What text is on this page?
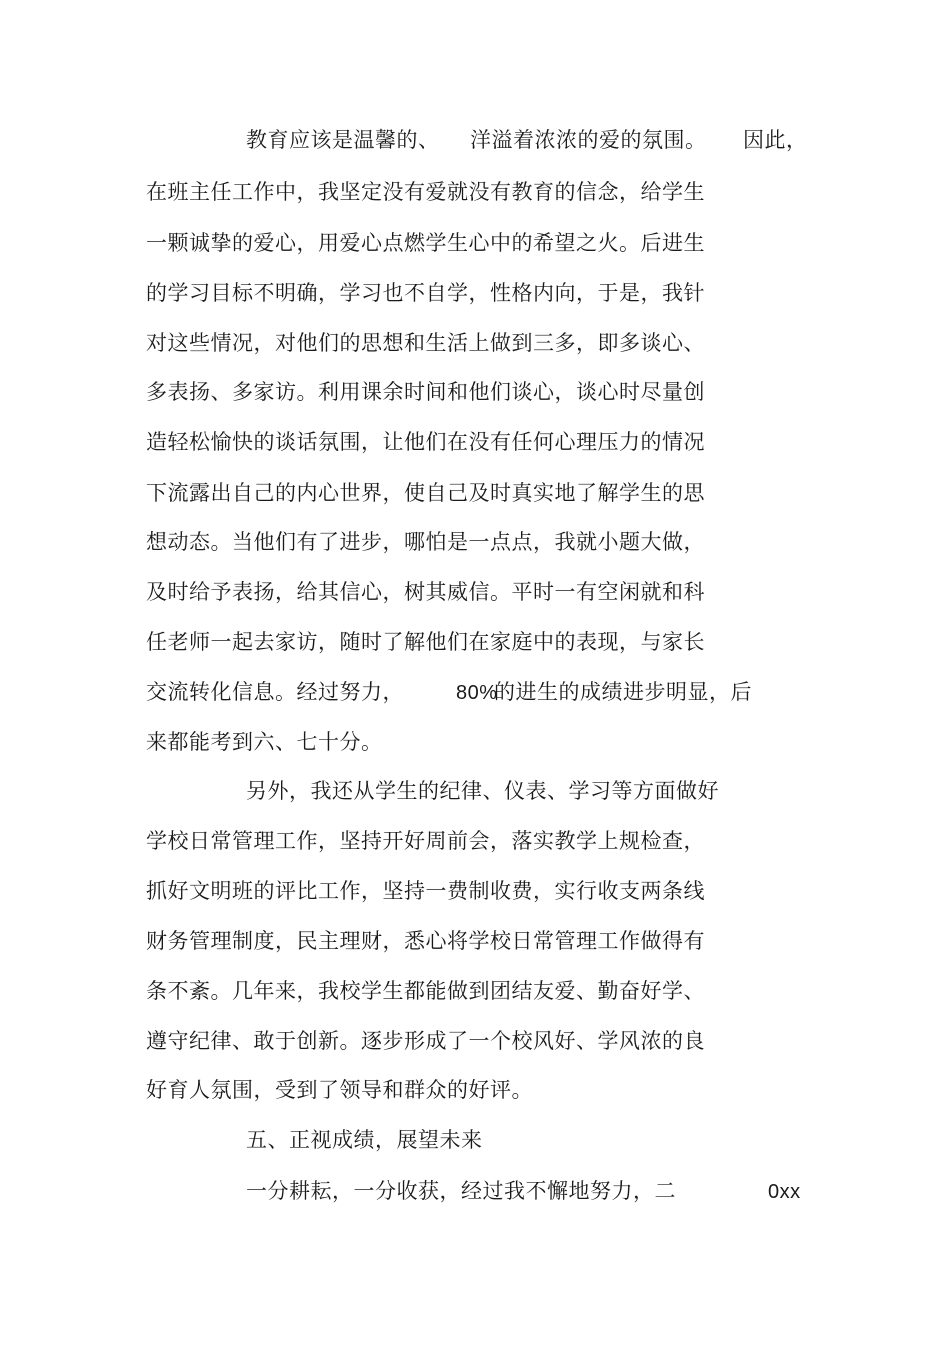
教育应该是温馨的、 洋溢着浓浓的爱的氛围。 因此，
在班主任工作中，我坚定没有爱就没有教育的信念，给学生
一颗诚挚的爱心，用爱心点燃学生心中的希望之火。后进生
的学习目标不明确，学习也不自学，性格内向，于是，我针
对这些情况，对他们的思想和生活上做到三多，即多谈心、
多表扬、多家访。利用课余时间和他们谈心，谈心时尽量创
造轻松愉快的谈话氛围，让他们在没有任何心理压力的情况
下流露出自己的内心世界，使自己及时真实地了解学生的思
想动态。当他们有了进步，哪怕是一点点，我就小题大做，
及时给予表扬，给其信心，树其威信。平时一有空闲就和科
任老师一起去家访，随时了解他们在家庭中的表现，与家长
交流转化信息。经过努力，	80%
的进生的成绩进步明显，后
来都能考到六、七十分。
另外，我还从学生的纪律、仪表、学习等方面做好
学校日常管理工作，坚持开好周前会，落实教学上规检查，
抓好文明班的评比工作，坚持一费制收费，实行收支两条线
财务管理制度，民主理财，悉心将学校日常管理工作做得有
条不紊。几年来，我校学生都能做到团结友爱、勤奋好学、
遵守纪律、敢于创新。逐步形成了一个校风好、学风浓的良
好育人氛围，受到了领导和群众的好评。
五、正视成绩，展望未来
一分耕耘，一分收获，经过我不懈地努力，二	0xx
